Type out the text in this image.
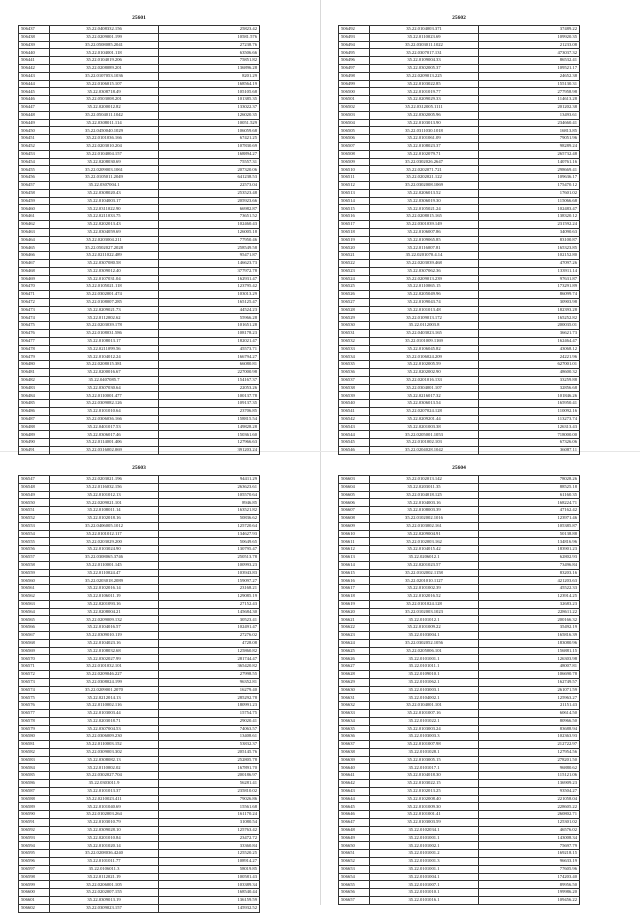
25601
506437	35.22.0408332.156	25823.42
506438	35.22.0209001.199	10581.576
506439	35.22.0508085.2041	27238.76
506440	35.22.0104001.118	63506.66
506441	35.22.0104019.206	75851.82
506442	35.22.0208089.201	136896.28
506443	35.22.0107053.1036	8201.29
506444	35.22.0106015.107	168564.19
506445	35.22.0308718.49	105105.68
506446	35.22.0503008.201	101385.35
506447	35.22.0200012.82	133022.37
506448	35.22.0504011.1042	126020.35
506449	35.22.0308011.114	10051.529
506450	35.22.0450040.1029	106059.68
506451	35.22.0101036.166	67421.25
506452	35.22.0203010.204	107830.69
506453	35.22.0104004.157	168894.27
506454	35.22.0208030.69	75557.31
506455	35.22.0209003.1061	207320.06
506456	35.22.0105011.2049	641238.53
506457	35.22.0307004.1	22573.04
506458	35.22.0308020.43	253523.48
506459	35.22.0104003.17	205923.66
506460	35.22.0311022.90	66982.87
506461	35.22.0211033.75	73651.52
506462	35.22.0202013.43	102460.43
506463	35.22.0304059.69	126005.18
506464	35.22.0203004.211	77950.46
506465	35.22.0502027.2028	258549.58
506466	35.22.0211022.489	95471.87
506467	35.22.0307080.58	146623.73
506468	35.22.0309012.40	377972.78
506469	35.22.0107031.04	162931.47
506470	35.22.0105021.118	123795.42
506471	35.22.0302001.474	103013.29
506472	35.22.0108007.285	165125.47
506473	35.22.0209021.73	44524.23
506474	35.22.0112002.62	55966.28
506475	35.22.0203039.178	101651.28
506476	35.22.0108031.586	108178.23
506477	35.22.0108013.17	182021.47
506478	35.22.0211099.56	45573.71
506479	35.22.0104012.24	166794.27
506480	35.22.0208015.381	66080.81
506481	35.22.0200016.67	227000.98
506482	35.22.0407085.7	154167.37
506483	35.22.0307030.64	22053.26
506484	35.22.0110001.477	100137.78
506485	35.22.0309082.126	109137.35
506486	35.22.0101010.64	23706.85
506487	35.22.0306036.166	158815.54
506488	35.22.0401017.53	149828.28
506489	35.22.0306017.46	150361.60
506490	35.22.0114001.406	127966.63
506491	35.22.0316002.069	391203.24
25602
506492	35.22.0104003.371	37489.22
506493	35.22.0110023.69	109920.35
506494	35.22.0303011.1022	21233.08
506495	35.22.0307017.131	473037.32
506496	35.22.0109004.33	86532.41
506497	35.22.0302005.37	109521.17
506498	35.22.0209013.225	24652.38
506499	35.22.0103022.85	155130.31
506500	35.22.0101019.77	277958.98
506501	35.22.0209029.33	114613.28
506502	35.22.0312005.1111	201202.38
506503	35.22.0302005.96	13493.61
506504	35.22.0103013.90	234660.41
506505	35.22.0311030.1018	16813.85
506506	35.22.0101061.09	79051.96
506507	35.22.0108023.37	98289.24
506508	35.22.0102079.71	265732.48
506509	35.22.0302026.2647	140761.16
506510	35.22.0202071.721	298669.41
506511	35.22.0202021.122	109636.17
506512	35.22.0302008.1069	175470.12
506513	35.22.0206013.52	17601.02
506514	35.22.0306019.30	115066.68
506515	35.22.0105021.24	102483.47
506516	35.22.0208015.165	138320.12
506517	35.22.0301039.149	231592.24
506518	35.22.0106007.86	34090.63
506519	35.22.0109065.85	83100.87
506520	35.22.0116007.81	165323.85
506521	35.22.0201070.4.14	102152.80
506522	35.22.0203039.468	47097.26
506523	35.22.0307062.36	133911.14
506524	35.22.0209013.239	97631.87
506525	35.22.0110065.15	173291.89
506526	35.22.0205049.96	86099.74
506527	35.22.0109043.74	30903.98
506528	35.22.0101013.48	182393.28
506529	35.22.0109013.172	165252.82
506530	35.22.0112003.8	200035.01
506531	35.22.0403023.165	36621.73
506532	35.22.0101009.1169	162464.47
506533	35.22.0106045.82	43068.12
506534	35.22.0106024.209	24221.96
506535	35.22.0102005.59	627001.01
506536	35.22.0202002.90	48600.32
506537	35.22.0201016.133	33259.88
506538	35.22.0304001.107	32856.68
506539	35.22.0216017.32	101846.26
506540	35.22.0306013.54	165950.41
506541	35.22.0207024.128	110092.16
506542	35.22.0209201.44	113273.74
506543	35.22.0201003.38	126313.43
506544	35.22.0205001.1053	718000.00
506545	35.22.0101002.103	67326.06
506546	35.22.0204028.1042	36087.11
25603
506547	35.22.0203021.196	94411.29
506548	35.22.0116032.156	263623.61
506549	35.22.0101012.13	105570.64
506550	35.22.0209021.101	8946.85
506551	35.22.0108011.14	163521.82
506552	35.22.0102018.16	50836.62
506553	35.22.0406005.1012	125720.64
506554	35.22.0101012.117	134627.93
506555	35.22.0203029.200	50649.65
506556	35.22.0103024.90	130795.47
506557	35.22.0308065.3746	250513.78
506558	35.22.0110001.145	100993.23
506559	35.22.0110024.47	103943.83
506560	35.22.0203018.2089	159097.27
506561	35.22.0102016.14	23168.21
506562	35.22.0106011.19	129085.19
506563	35.22.0201093.16	27152.43
506564	35.22.0208004.21	145684.30
506565	35.22.0209009.132	30523.41
506566	35.22.0104016.57	102491.47
506567	35.22.0309010.119	27276.02
506568	35.22.0104023.16	4728.08
506569	35.22.0108032.68	125860.82
506570	35.22.0302027.99	281744.47
506571	35.22.0101032.101	365420.82
506572	35.22.0209046.227	27998.55
506573	35.22.0308024.199	96352.81
506574	35.22.0209001.2070	16279.40
506575	35.22.0212014.13	285292.78
506576	35.22.0110002.116	180991.23
506577	35.22.0103003.44	15754.75
506578	35.22.0203018.71	29020.41
506579	35.22.0307004.53	74063.57
506580	35.22.0306009.230	13408.61
506581	35.22.0110003.152	53832.37
506582	35.22.0309003.302	205145.76
506583	35.22.0308082.13	252805.78
506584	35.22.0110002.02	167891.70
506585	35.22.0302027.704	200186.97
506586	35.22.0303011.9	56281.41
506587	35.22.0101013.37	235810.02
506588	35.22.0210023.411	79026.86
506589	35.22.0101040.69	15561.68
506590	35.22.0102003.264	161170.24
506591	35.22.0103010.79	31080.54
506592	35.22.0309028.10	125763.42
506593	35.22.0201010.84	23472.72
506594	35.22.0101020.14	33360.84
506595	35.22.0208036.4240	125520.25
506596	35.22.0101011.77	108914.27
506597	35.22.0106011.3	58019.85
506598	35.22.0112021.19	100581.43
506599	35.22.0206001.105	103389.34
506600	35.22.0202007.155	168540.44
506601	35.22.0309013.19	136159.59
506602	35.22.0309023.157	145932.52
25604
506603	35.22.0102013.142	78028.26
506604	35.22.0203011.35	88525.18
506605	35.22.0104018.125	61160.35
506606	35.22.0104003.16	168224.71
506607	35.22.0108003.39	47162.42
506608	35.22.0102002.1016	123971.46
506609	35.22.0103002.161	105385.87
506610	35.22.0209004.91	50138.88
506611	35.22.0102003.162	134816.96
506612	35.22.0104015.42	183901.23
506613	35.22.0206012.1	62802.93
506614	35.22.0201023.57	73496.84
506615	35.22.0102002.1158	83203.16
506616	35.22.0201010.1127	421203.63
506617	35.22.0101002.39	45522.33
506618	35.22.0102016.52	123914.25
506619	35.22.0101024.128	32683.23
506620	35.22.0102003.1023	228611.22
506621	35.22.0101012.1	200166.32
506622	35.22.0101009.22	35492.19
506623	35.22.0103004.1	165816.39
506624	35.22.0302052.1056	183080.96
506625	35.22.0205006.101	156881.15
506626	35.22.0101001.1	126303.98
506627	35.22.0101011.1	48007.81
506628	35.22.0109010.1	106690.78
506629	35.22.0101062.1	162749.57
506630	35.22.0103003.1	261071.59
506631	35.22.0104002.1	125963.27
506632	35.22.0104001.101	21151.43
506633	35.22.0101007.16	60614.50
506634	35.22.0101022.1	80966.50
506635	35.22.0103003.24	83688.94
506636	35.22.0103003.3	102363.93
506637	35.22.0101007.98	212722.97
506638	35.22.0101028.1	127954.56
506639	35.22.0103005.15	278201.50
506640	35.22.0101017.1	96880.62
506641	35.22.0104018.30	115121.06
506642	35.22.0103022.15	136909.23
506643	35.22.0102013.25	93504.27
506644	35.22.0102008.40	221058.04
506645	35.22.0101009.30	228605.22
506646	35.22.0101001.41	260802.71
506647	35.22.0103003.59	125301.02
506648	35.22.0102034.1	46576.02
506649	35.22.0101001.1	143008.34
506650	35.22.0101002.1	75697.79
506651	35.22.0101001.2	169218.15
506652	35.22.0101001.3	96633.19
506653	35.22.0101001.1	77605.96
506654	35.22.0101004.1	174203.40
506655	35.22.0101007.1	89956.50
506656	35.22.0101010.1	199986.20
506657	35.22.0101016.1	109456.22
